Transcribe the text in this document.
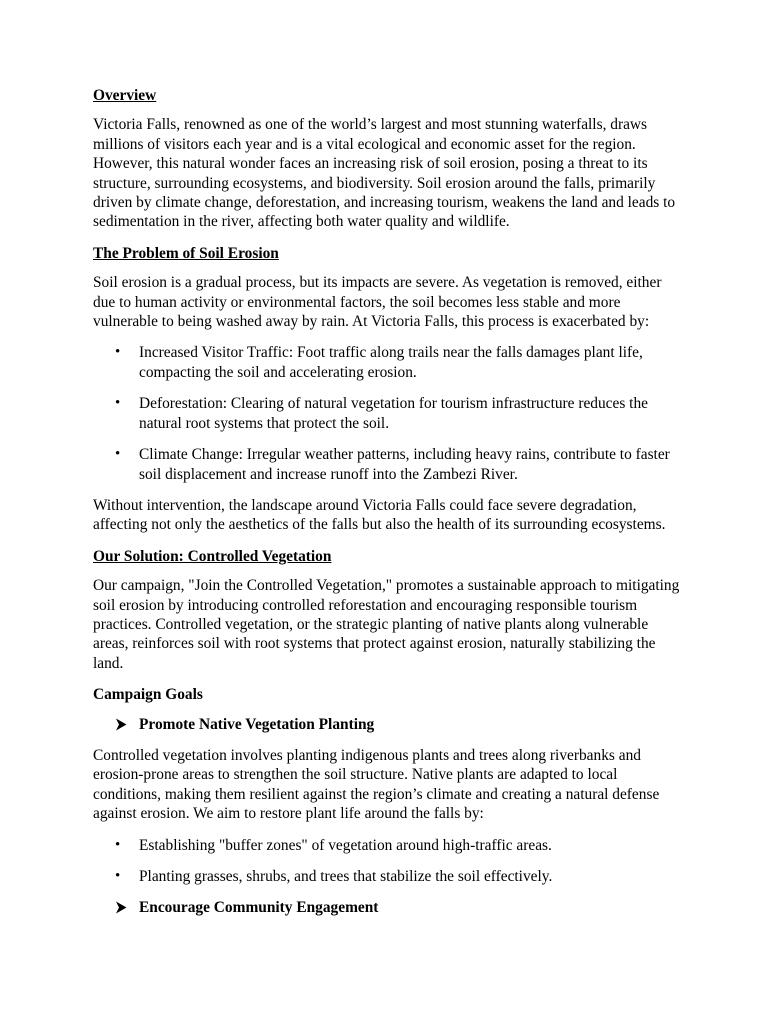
Overview

Victoria Falls, renowned as one of the world’s largest and most stunning waterfalls, draws millions of visitors each year and is a vital ecological and economic asset for the region. However, this natural wonder faces an increasing risk of soil erosion, posing a threat to its structure, surrounding ecosystems, and biodiversity. Soil erosion around the falls, primarily driven by climate change, deforestation, and increasing tourism, weakens the land and leads to sedimentation in the river, affecting both water quality and wildlife.

The Problem of Soil Erosion

Soil erosion is a gradual process, but its impacts are severe. As vegetation is removed, either due to human activity or environmental factors, the soil becomes less stable and more vulnerable to being washed away by rain. At Victoria Falls, this process is exacerbated by:

• Increased Visitor Traffic: Foot traffic along trails near the falls damages plant life, compacting the soil and accelerating erosion.
• Deforestation: Clearing of natural vegetation for tourism infrastructure reduces the natural root systems that protect the soil.
• Climate Change: Irregular weather patterns, including heavy rains, contribute to faster soil displacement and increase runoff into the Zambezi River.

Without intervention, the landscape around Victoria Falls could face severe degradation, affecting not only the aesthetics of the falls but also the health of its surrounding ecosystems.

Our Solution: Controlled Vegetation

Our campaign, "Join the Controlled Vegetation," promotes a sustainable approach to mitigating soil erosion by introducing controlled reforestation and encouraging responsible tourism practices. Controlled vegetation, or the strategic planting of native plants along vulnerable areas, reinforces soil with root systems that protect against erosion, naturally stabilizing the land.

Campaign Goals
Promote Native Vegetation Planting

Controlled vegetation involves planting indigenous plants and trees along riverbanks and erosion-prone areas to strengthen the soil structure. Native plants are adapted to local conditions, making them resilient against the region’s climate and creating a natural defense against erosion. We aim to restore plant life around the falls by:

• Establishing "buffer zones" of vegetation around high-traffic areas.
• Planting grasses, shrubs, and trees that stabilize the soil effectively.
Encourage Community Engagement
